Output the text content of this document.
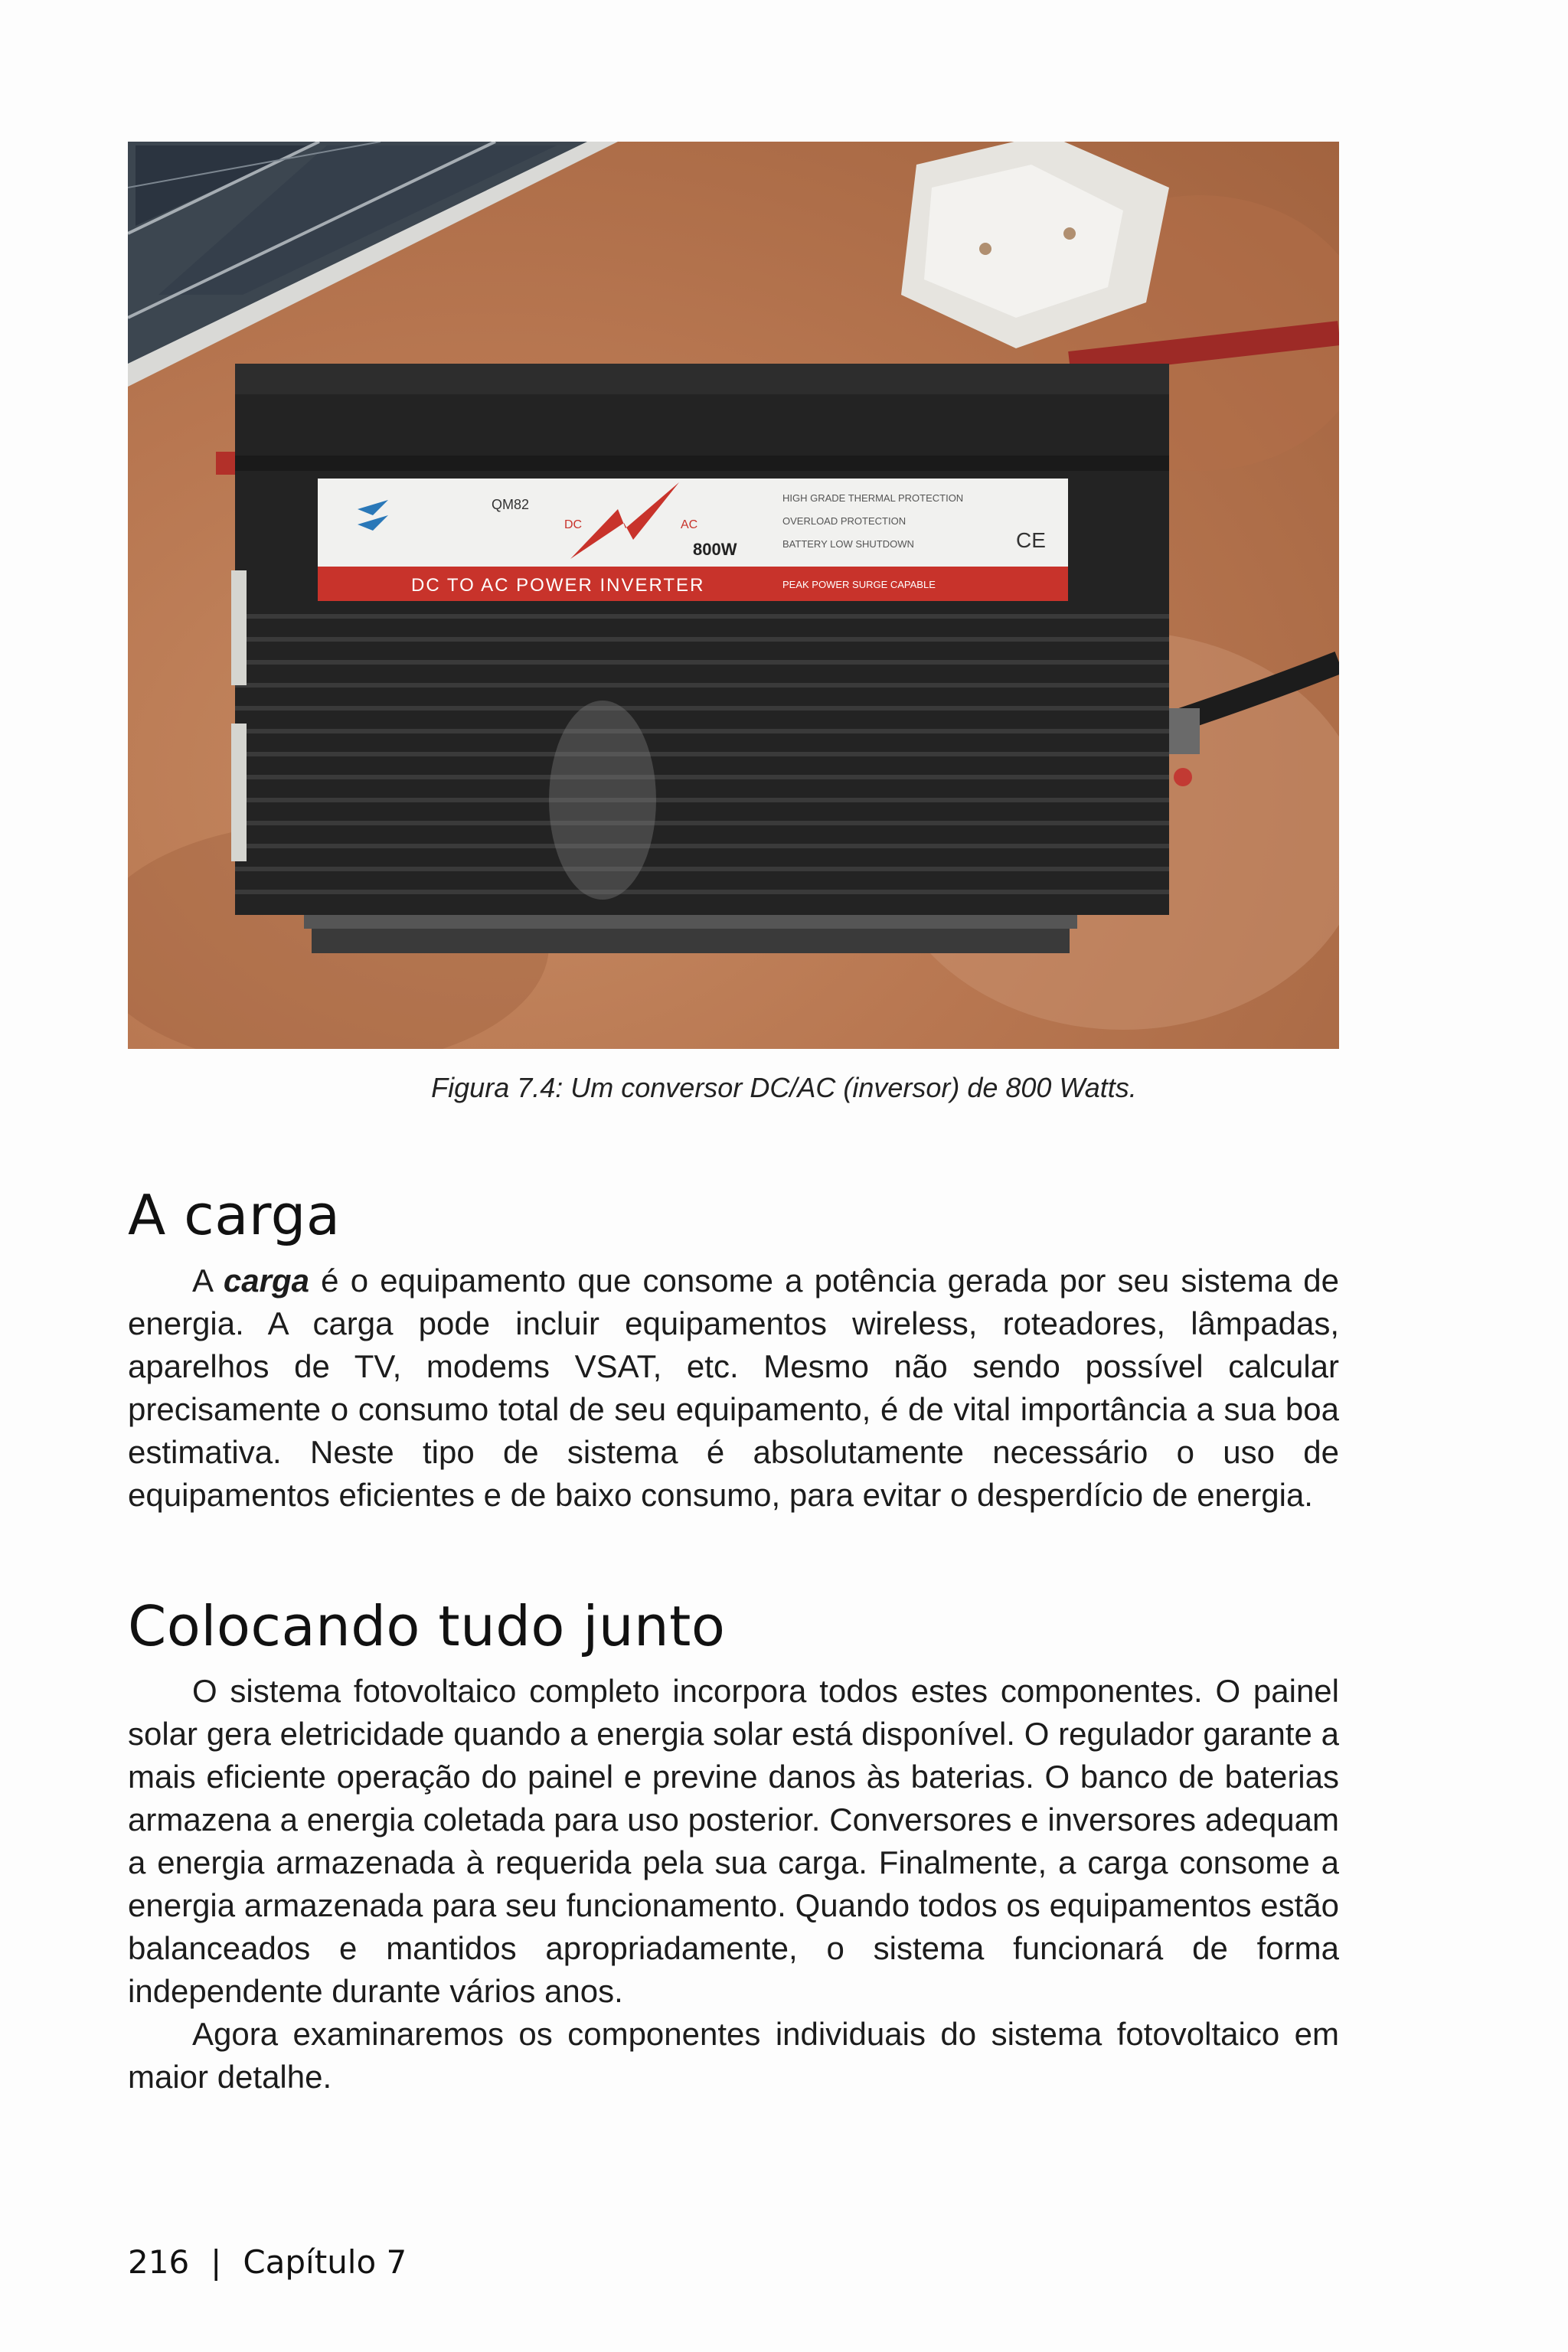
QM82
DC	AC
800W
DC TO AC POWER INVERTER
HIGH GRADE THERMAL PROTECTION
OVERLOAD PROTECTION
BATTERY LOW SHUTDOWN
PEAK POWER SURGE CAPABLE
CE
Figura 7.4: Um conversor DC/AC (inversor) de 800 Watts.
A carga

A carga é o equipamento que consome a potência gerada por seu sistema de energia. A carga pode incluir equipamentos wireless, roteadores, lâmpadas, aparelhos de TV, modems VSAT, etc. Mesmo não sendo possível calcular precisamente o consumo total de seu equipamento, é de vital importância a sua boa estimativa. Neste tipo de sistema é absolutamente necessário o uso de equipamentos eficientes e de baixo consumo, para evitar o desperdício de energia.

Colocando tudo junto

O sistema fotovoltaico completo incorpora todos estes componentes. O painel solar gera eletricidade quando a energia solar está disponível. O regulador garante a mais eficiente operação do painel e previne danos às baterias. O banco de baterias armazena a energia coletada para uso posterior. Conversores e inversores adequam a energia armazenada à requerida pela sua carga. Finalmente, a carga consome a energia armazenada para seu funcionamento. Quando todos os equipamentos estão balanceados e mantidos apropriadamente, o sistema funcionará de forma independente durante vários anos.

Agora examinaremos os componentes individuais do sistema fotovoltaico em maior detalhe.

216 | Capítulo 7
